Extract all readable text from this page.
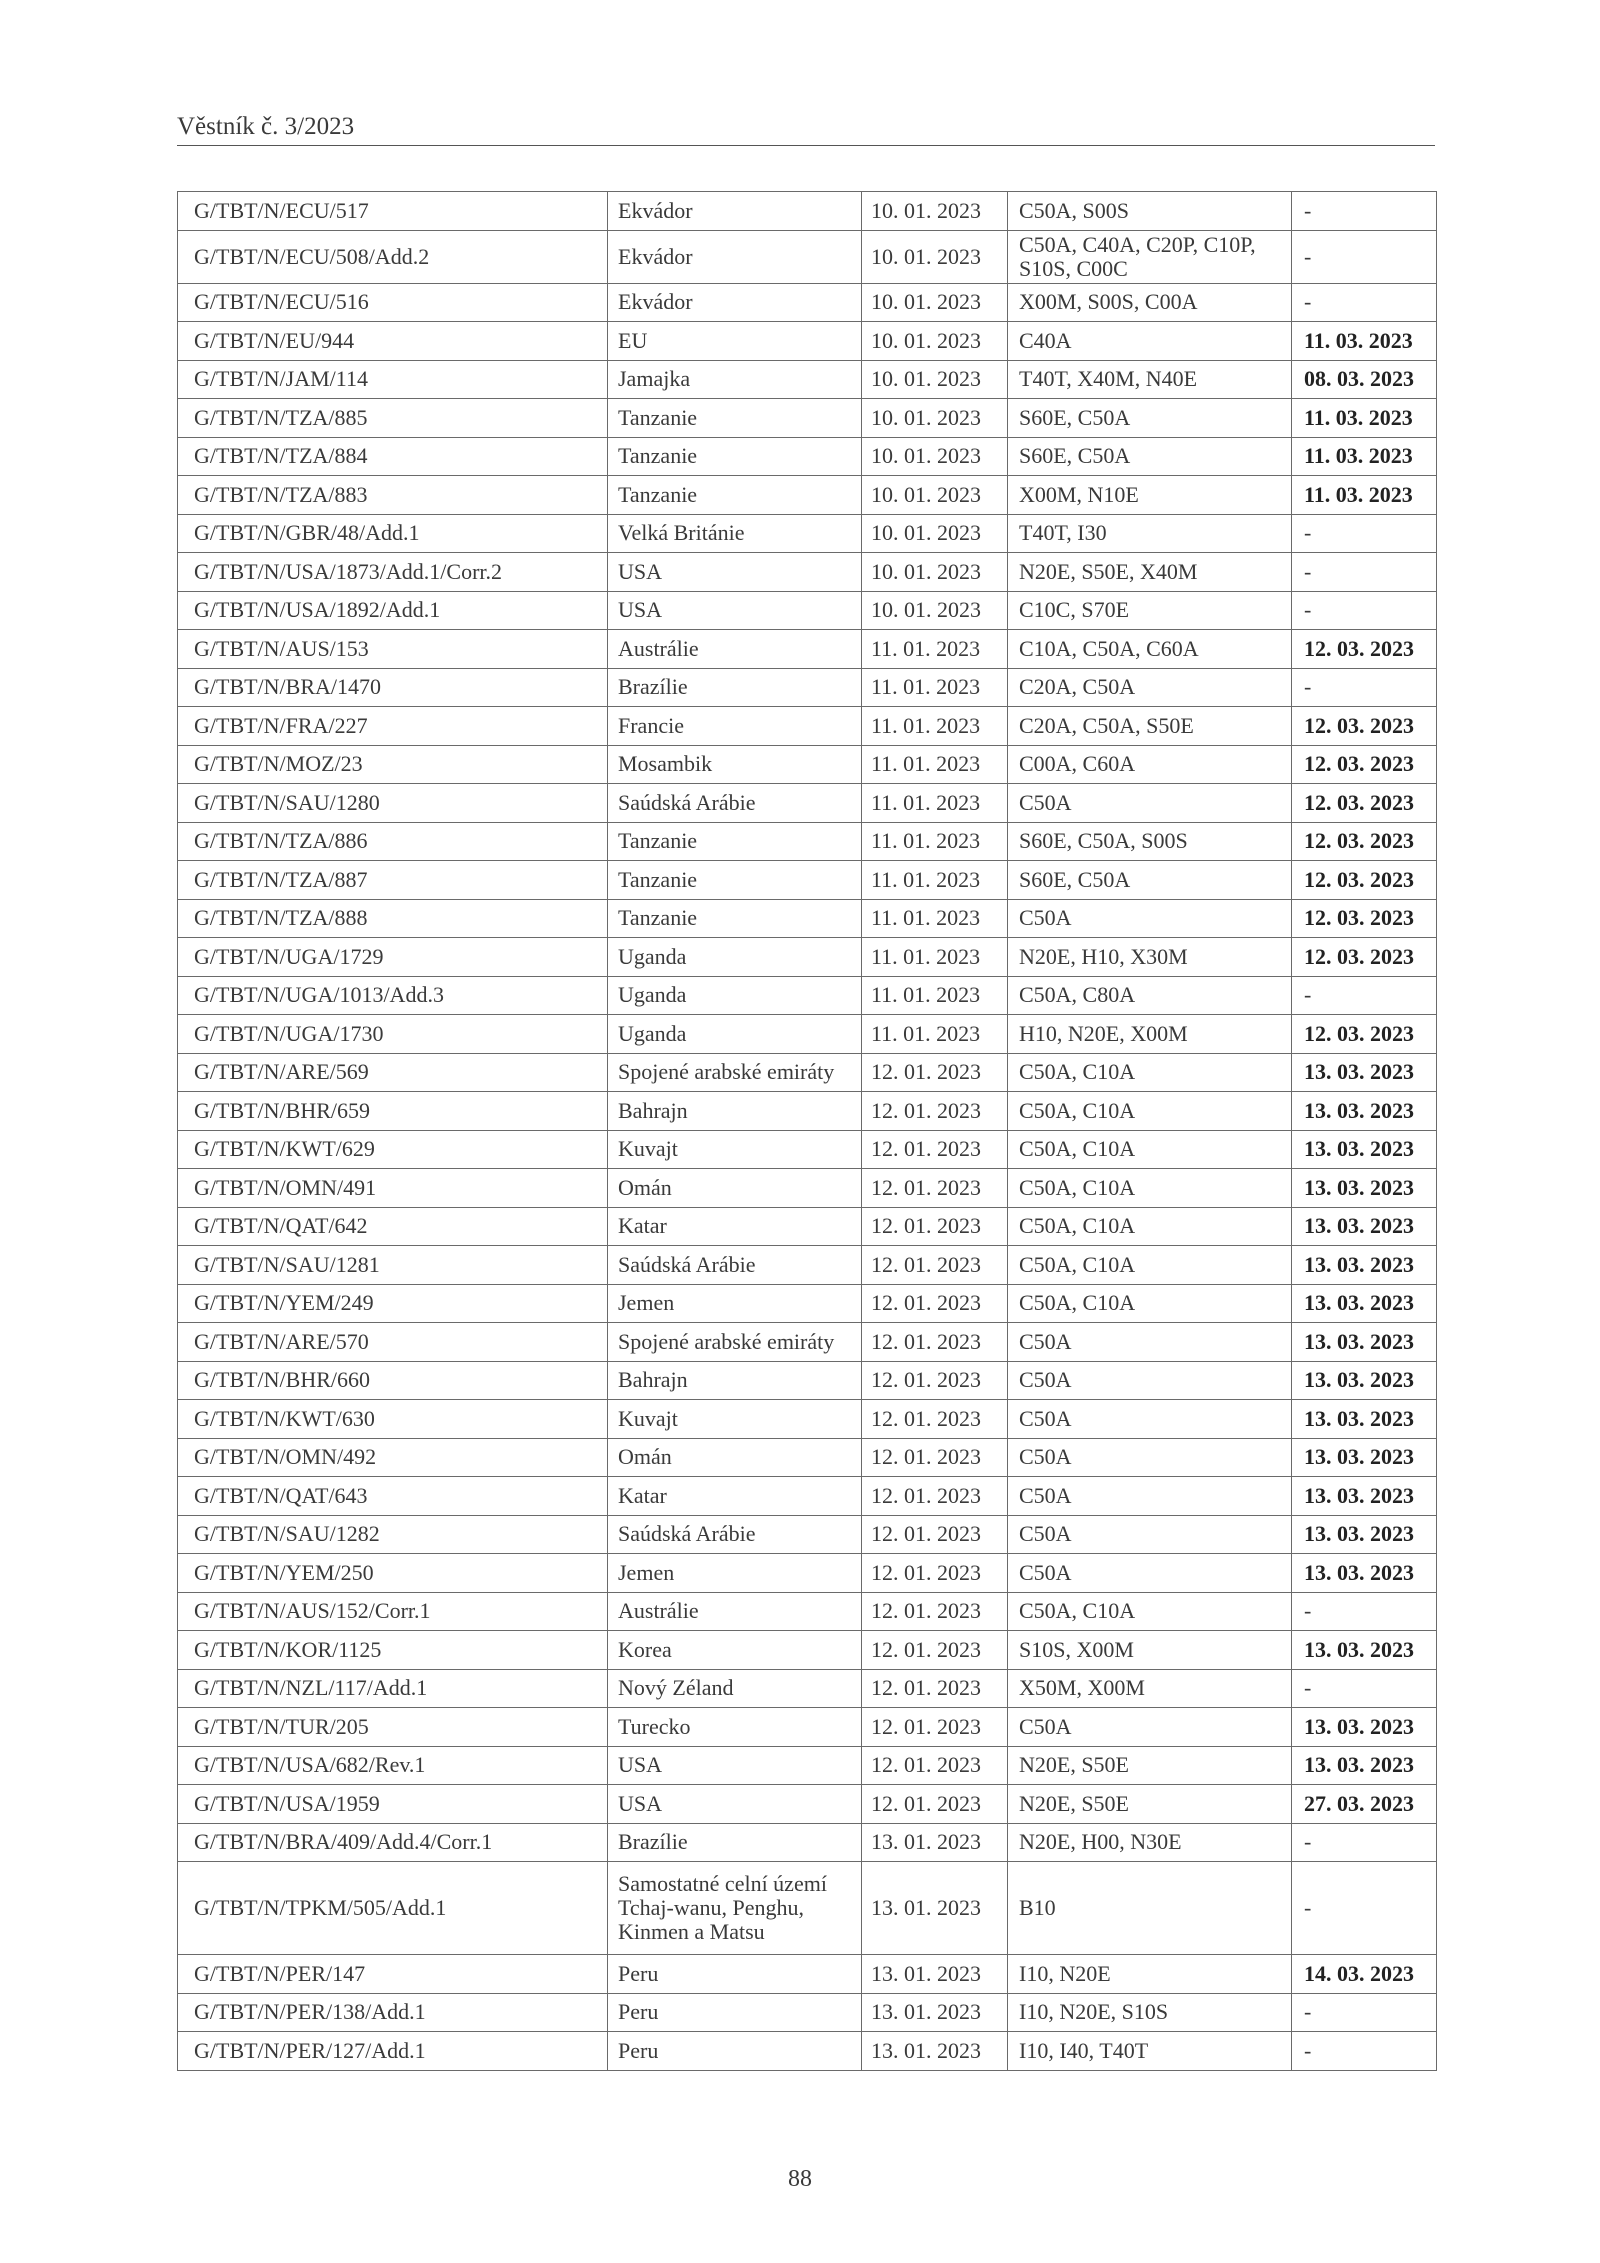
Věstník č. 3/2023
G/TBT/N/ECU/517	Ekvádor	10. 01. 2023	C50A, S00S	-
G/TBT/N/ECU/508/Add.2	Ekvádor	10. 01. 2023	C50A, C40A, C20P, C10P, S10S, C00C	-
G/TBT/N/ECU/516	Ekvádor	10. 01. 2023	X00M, S00S, C00A	-
G/TBT/N/EU/944	EU	10. 01. 2023	C40A	11. 03. 2023
G/TBT/N/JAM/114	Jamajka	10. 01. 2023	T40T, X40M, N40E	08. 03. 2023
G/TBT/N/TZA/885	Tanzanie	10. 01. 2023	S60E, C50A	11. 03. 2023
G/TBT/N/TZA/884	Tanzanie	10. 01. 2023	S60E, C50A	11. 03. 2023
G/TBT/N/TZA/883	Tanzanie	10. 01. 2023	X00M, N10E	11. 03. 2023
G/TBT/N/GBR/48/Add.1	Velká Británie	10. 01. 2023	T40T, I30	-
G/TBT/N/USA/1873/Add.1/Corr.2	USA	10. 01. 2023	N20E, S50E, X40M	-
G/TBT/N/USA/1892/Add.1	USA	10. 01. 2023	C10C, S70E	-
G/TBT/N/AUS/153	Austrálie	11. 01. 2023	C10A, C50A, C60A	12. 03. 2023
G/TBT/N/BRA/1470	Brazílie	11. 01. 2023	C20A, C50A	-
G/TBT/N/FRA/227	Francie	11. 01. 2023	C20A, C50A, S50E	12. 03. 2023
G/TBT/N/MOZ/23	Mosambik	11. 01. 2023	C00A, C60A	12. 03. 2023
G/TBT/N/SAU/1280	Saúdská Arábie	11. 01. 2023	C50A	12. 03. 2023
G/TBT/N/TZA/886	Tanzanie	11. 01. 2023	S60E, C50A, S00S	12. 03. 2023
G/TBT/N/TZA/887	Tanzanie	11. 01. 2023	S60E, C50A	12. 03. 2023
G/TBT/N/TZA/888	Tanzanie	11. 01. 2023	C50A	12. 03. 2023
G/TBT/N/UGA/1729	Uganda	11. 01. 2023	N20E, H10, X30M	12. 03. 2023
G/TBT/N/UGA/1013/Add.3	Uganda	11. 01. 2023	C50A, C80A	-
G/TBT/N/UGA/1730	Uganda	11. 01. 2023	H10, N20E, X00M	12. 03. 2023
G/TBT/N/ARE/569	Spojené arabské emiráty	12. 01. 2023	C50A, C10A	13. 03. 2023
G/TBT/N/BHR/659	Bahrajn	12. 01. 2023	C50A, C10A	13. 03. 2023
G/TBT/N/KWT/629	Kuvajt	12. 01. 2023	C50A, C10A	13. 03. 2023
G/TBT/N/OMN/491	Omán	12. 01. 2023	C50A, C10A	13. 03. 2023
G/TBT/N/QAT/642	Katar	12. 01. 2023	C50A, C10A	13. 03. 2023
G/TBT/N/SAU/1281	Saúdská Arábie	12. 01. 2023	C50A, C10A	13. 03. 2023
G/TBT/N/YEM/249	Jemen	12. 01. 2023	C50A, C10A	13. 03. 2023
G/TBT/N/ARE/570	Spojené arabské emiráty	12. 01. 2023	C50A	13. 03. 2023
G/TBT/N/BHR/660	Bahrajn	12. 01. 2023	C50A	13. 03. 2023
G/TBT/N/KWT/630	Kuvajt	12. 01. 2023	C50A	13. 03. 2023
G/TBT/N/OMN/492	Omán	12. 01. 2023	C50A	13. 03. 2023
G/TBT/N/QAT/643	Katar	12. 01. 2023	C50A	13. 03. 2023
G/TBT/N/SAU/1282	Saúdská Arábie	12. 01. 2023	C50A	13. 03. 2023
G/TBT/N/YEM/250	Jemen	12. 01. 2023	C50A	13. 03. 2023
G/TBT/N/AUS/152/Corr.1	Austrálie	12. 01. 2023	C50A, C10A	-
G/TBT/N/KOR/1125	Korea	12. 01. 2023	S10S, X00M	13. 03. 2023
G/TBT/N/NZL/117/Add.1	Nový Zéland	12. 01. 2023	X50M, X00M	-
G/TBT/N/TUR/205	Turecko	12. 01. 2023	C50A	13. 03. 2023
G/TBT/N/USA/682/Rev.1	USA	12. 01. 2023	N20E, S50E	13. 03. 2023
G/TBT/N/USA/1959	USA	12. 01. 2023	N20E, S50E	27. 03. 2023
G/TBT/N/BRA/409/Add.4/Corr.1	Brazílie	13. 01. 2023	N20E, H00, N30E	-
G/TBT/N/TPKM/505/Add.1	Samostatné celní území Tchaj-wanu, Penghu, Kinmen a Matsu	13. 01. 2023	B10	-
G/TBT/N/PER/147	Peru	13. 01. 2023	I10, N20E	14. 03. 2023
G/TBT/N/PER/138/Add.1	Peru	13. 01. 2023	I10, N20E, S10S	-
G/TBT/N/PER/127/Add.1	Peru	13. 01. 2023	I10, I40, T40T	-
88
